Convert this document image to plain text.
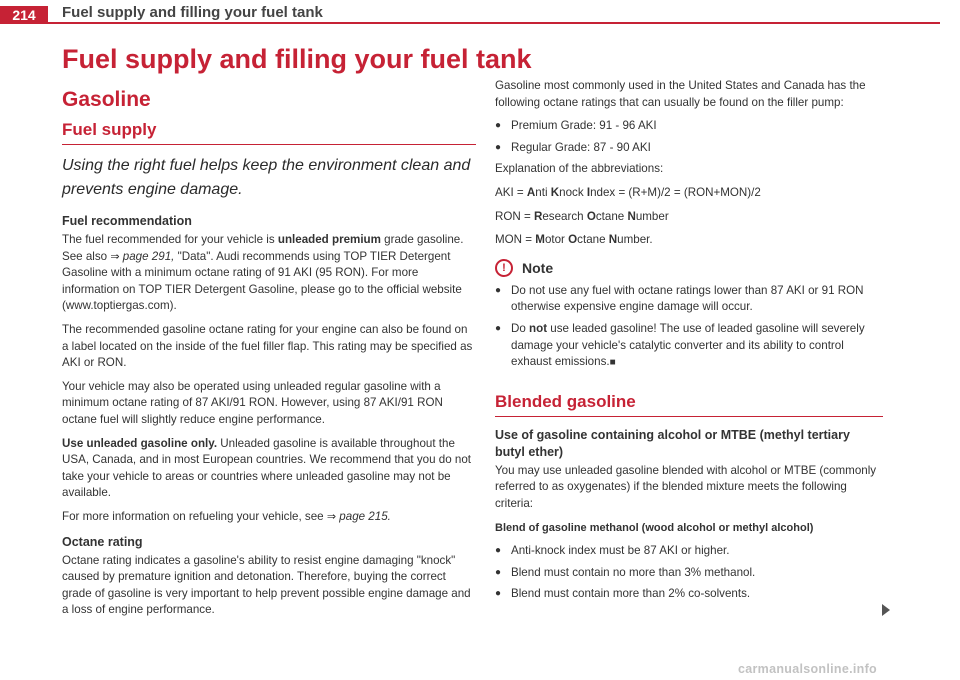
214 Fuel supply and filling your fuel tank
Fuel supply and filling your fuel tank
Gasoline
Fuel supply
Using the right fuel helps keep the environment clean and prevents engine damage.
Fuel recommendation

The fuel recommended for your vehicle is unleaded premium grade gasoline. See also ⇒ page 291, "Data". Audi recommends using TOP TIER Detergent Gasoline with a minimum octane rating of 91 AKI (95 RON). For more information on TOP TIER Detergent Gasoline, please go to the official website (www.toptiergas.com).

The recommended gasoline octane rating for your engine can also be found on a label located on the inside of the fuel filler flap. This rating may be specified as AKI or RON.

Your vehicle may also be operated using unleaded regular gasoline with a minimum octane rating of 87 AKI/91 RON. However, using 87 AKI/91 RON octane fuel will slightly reduce engine performance.

Use unleaded gasoline only. Unleaded gasoline is available throughout the USA, Canada, and in most European countries. We recommend that you do not take your vehicle to areas or countries where unleaded gasoline may not be available.

For more information on refueling your vehicle, see ⇒ page 215.

Octane rating

Octane rating indicates a gasoline's ability to resist engine damaging "knock" caused by premature ignition and detonation. Therefore, buying the correct grade of gasoline is very important to help prevent possible engine damage and a loss of engine performance.

Gasoline most commonly used in the United States and Canada has the following octane ratings that can usually be found on the filler pump:

● Premium Grade: 91 - 96 AKI
● Regular Grade: 87 - 90 AKI

Explanation of the abbreviations:

AKI = Anti Knock Index = (R+M)/2 = (RON+MON)/2

RON = Research Octane Number

MON = Motor Octane Number.

!	Note
● Do not use any fuel with octane ratings lower than 87 AKI or 91 RON otherwise expensive engine damage will occur.
● Do not use leaded gasoline! The use of leaded gasoline will severely damage your vehicle's catalytic converter and its ability to control exhaust emissions.■
Blended gasoline
Use of gasoline containing alcohol or MTBE (methyl tertiary butyl ether)

You may use unleaded gasoline blended with alcohol or MTBE (commonly referred to as oxygenates) if the blended mixture meets the following criteria:

Blend of gasoline methanol (wood alcohol or methyl alcohol)

● Anti-knock index must be 87 AKI or higher.
● Blend must contain no more than 3% methanol.
● Blend must contain more than 2% co-solvents.
carmanualsonline.info
